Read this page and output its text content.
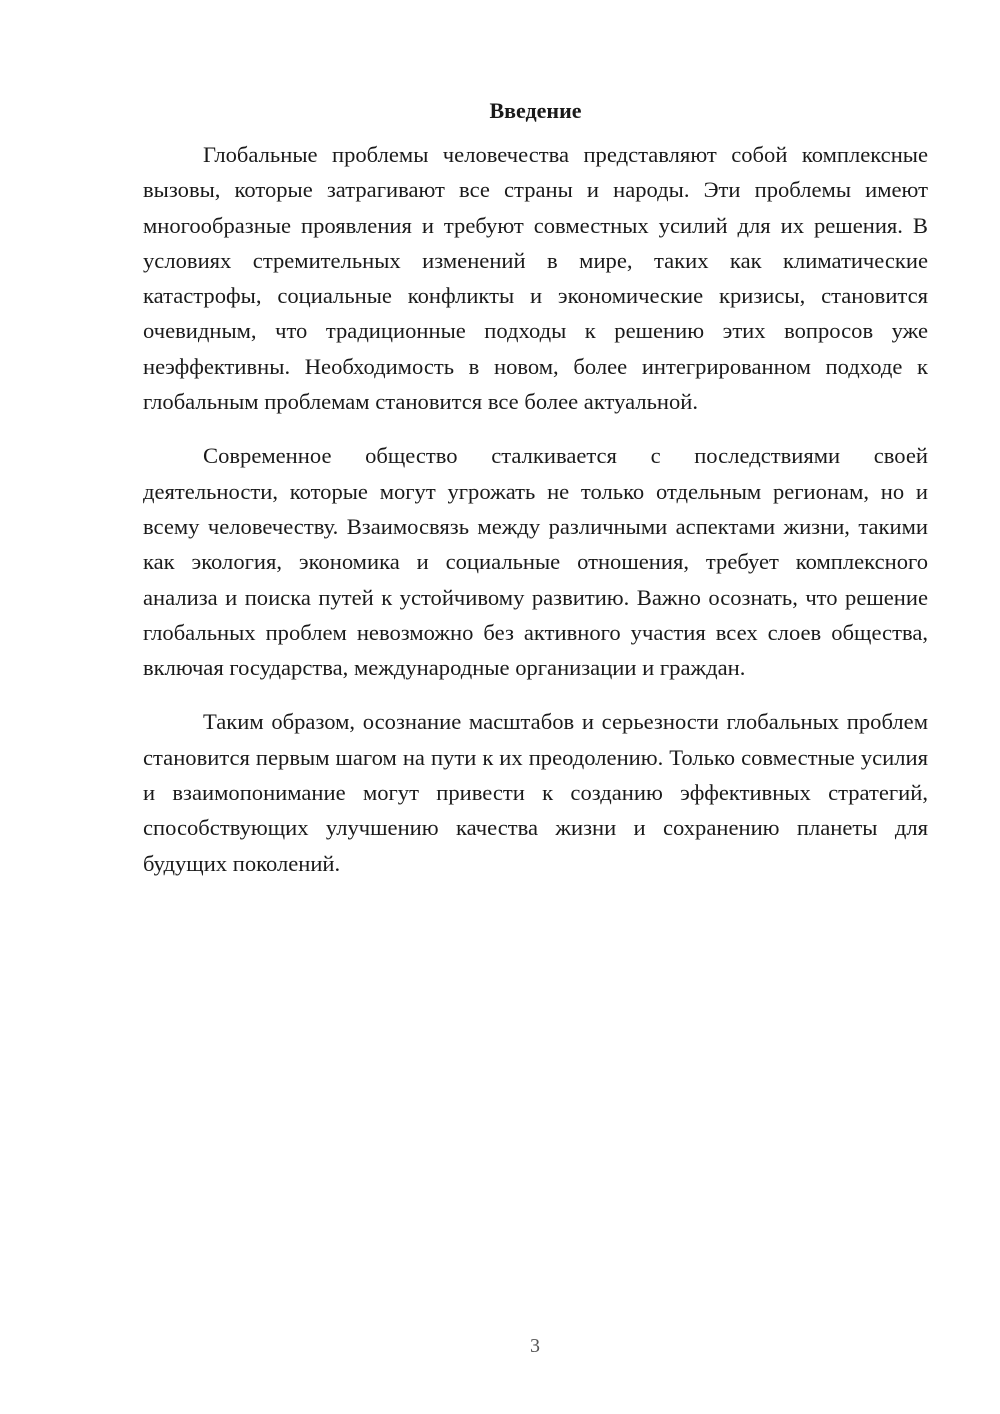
Введение

Глобальные проблемы человечества представляют собой комплексные вызовы, которые затрагивают все страны и народы. Эти проблемы имеют многообразные проявления и требуют совместных усилий для их решения. В условиях стремительных изменений в мире, таких как климатические катастрофы, социальные конфликты и экономические кризисы, становится очевидным, что традиционные подходы к решению этих вопросов уже неэффективны. Необходимость в новом, более интегрированном подходе к глобальным проблемам становится все более актуальной.

Современное общество сталкивается с последствиями своей деятельности, которые могут угрожать не только отдельным регионам, но и всему человечеству. Взаимосвязь между различными аспектами жизни, такими как экология, экономика и социальные отношения, требует комплексного анализа и поиска путей к устойчивому развитию. Важно осознать, что решение глобальных проблем невозможно без активного участия всех слоев общества, включая государства, международные организации и граждан.

Таким образом, осознание масштабов и серьезности глобальных проблем становится первым шагом на пути к их преодолению. Только совместные усилия и взаимопонимание могут привести к созданию эффективных стратегий, способствующих улучшению качества жизни и сохранению планеты для будущих поколений.

3
